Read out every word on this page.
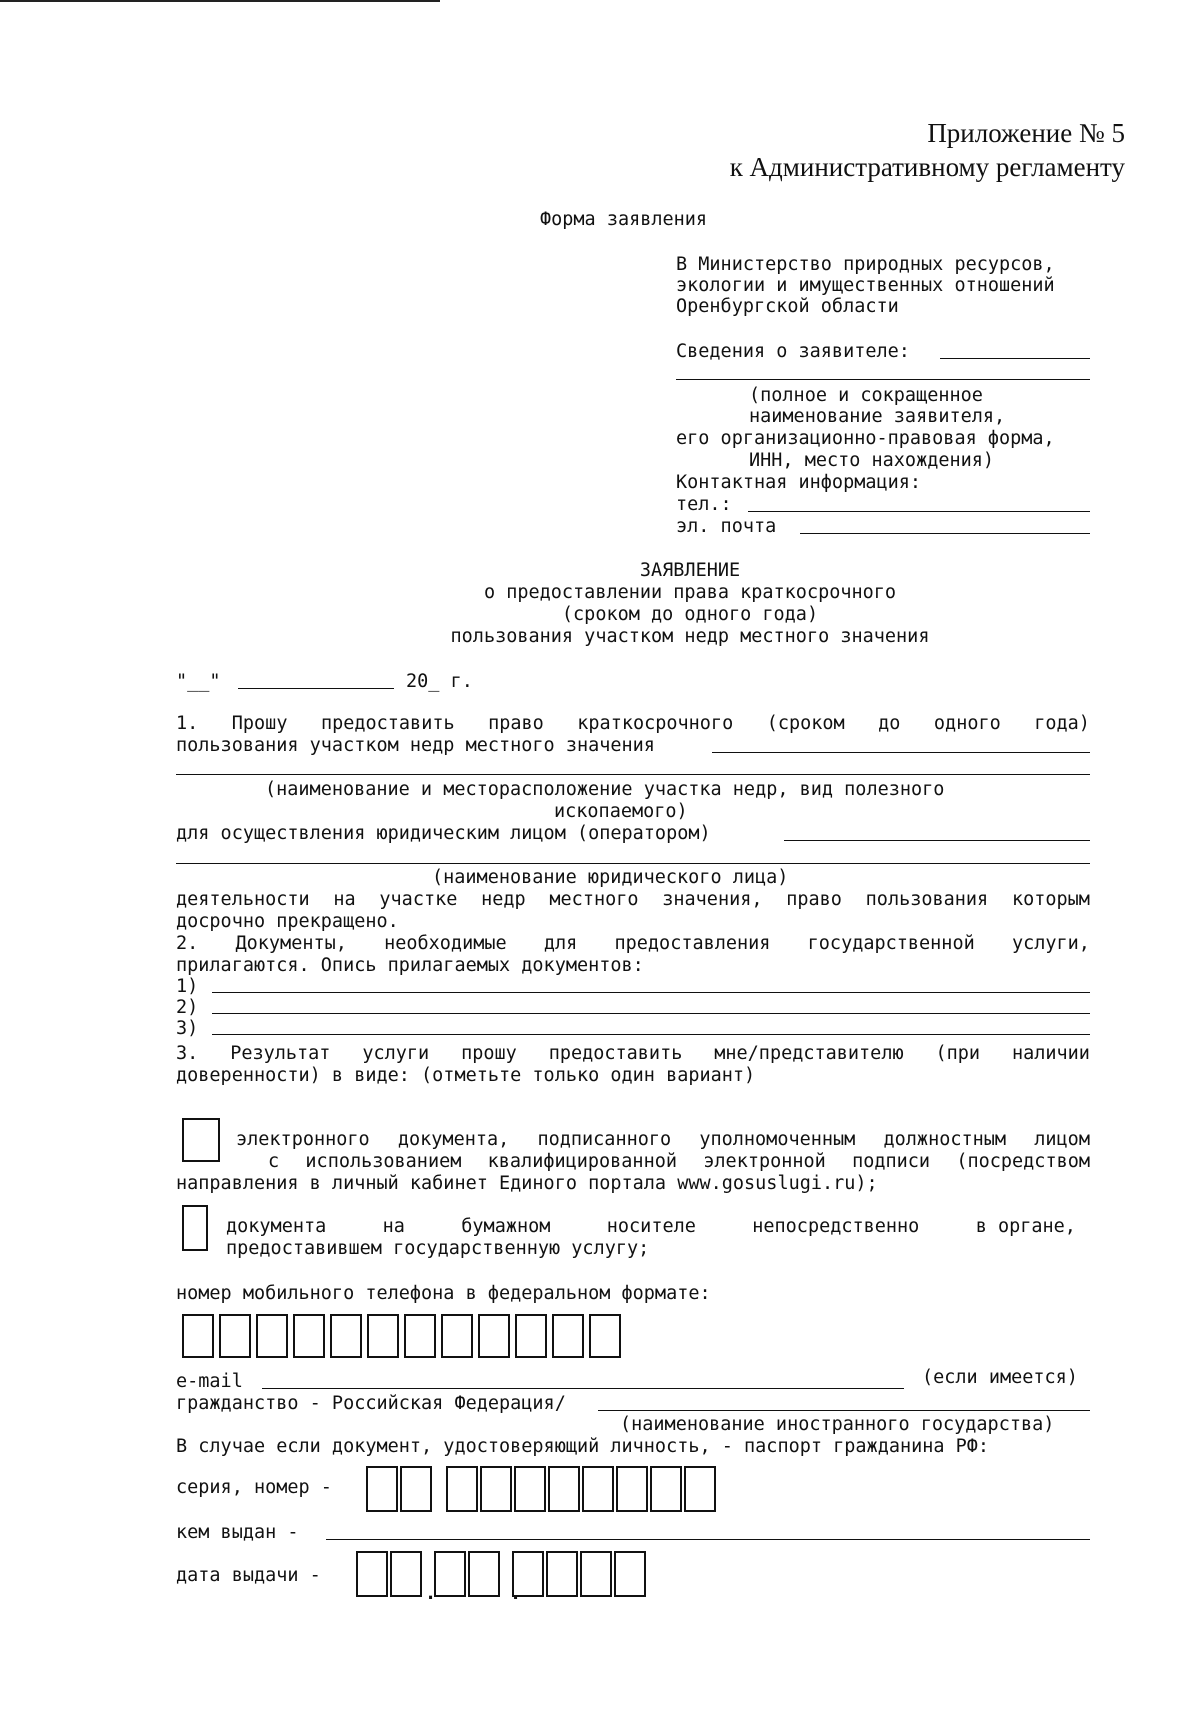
Приложение № 5
к Административному регламенту
Форма заявления
В Министерство природных ресурсов,
экологии и имущественных отношений
Оренбургской области
Сведения о заявителе:
(полное и сокращенное
наименование заявителя,
его организационно-правовая форма,
ИНН, место нахождения)
Контактная информация:
тел.:
эл. почта
ЗАЯВЛЕНИЕ
о предоставлении права краткосрочного
(сроком до одного года)
пользования участком недр местного значения
"__"	20_ г.
1. Прошу предоставить право краткосрочного (сроком до одного года)
пользования участком недр местного значения
(наименование и месторасположение участка недр, вид полезного
ископаемого)
для осуществления юридическим лицом (оператором)
(наименование юридического лица)
деятельности на участке недр местного значения, право пользования которым
досрочно прекращено.
2. Документы, необходимые для предоставления государственной услуги,
прилагаются. Опись прилагаемых документов:
1)
2)
3)
3. Результат услуги прошу предоставить мне/представителю (при наличии
доверенности) в виде: (отметьте только один вариант)
электронного документа, подписанного уполномоченным должностным лицом
с использованием квалифицированной электронной подписи (посредством
направления в личный кабинет Единого портала www.gosuslugi.ru);
документа	на	бумажном	носителе	непосредственно	в органе,
предоставившем государственную услугу;
номер мобильного телефона в федеральном формате:
e-mail	(если имеется)
гражданство - Российская Федерация/
(наименование иностранного государства)
В случае если документ, удостоверяющий личность, - паспорт гражданина РФ:
серия, номер -
кем выдан -
дата выдачи -
.	.
